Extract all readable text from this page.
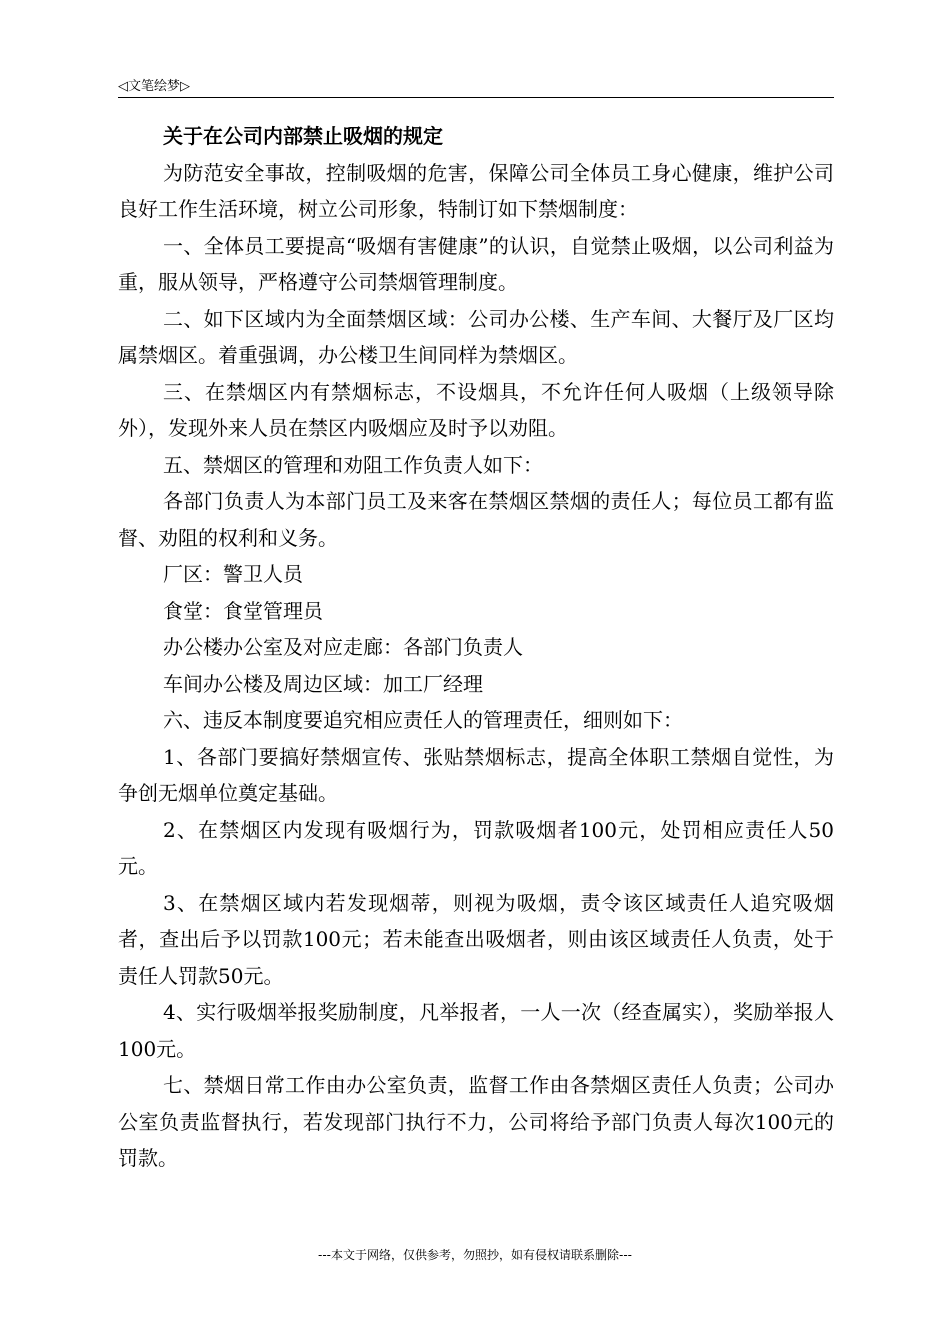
◁文笔绘梦▷
关于在公司内部禁止吸烟的规定

为防范安全事故，控制吸烟的危害，保障公司全体员工身心健康，维护公司良好工作生活环境，树立公司形象，特制订如下禁烟制度：

一、全体员工要提高“吸烟有害健康”的认识，自觉禁止吸烟，以公司利益为重，服从领导，严格遵守公司禁烟管理制度。

二、如下区域内为全面禁烟区域：公司办公楼、生产车间、大餐厅及厂区均属禁烟区。着重强调，办公楼卫生间同样为禁烟区。

三、在禁烟区内有禁烟标志，不设烟具，不允许任何人吸烟（上级领导除外），发现外来人员在禁区内吸烟应及时予以劝阻。

五、禁烟区的管理和劝阻工作负责人如下：

各部门负责人为本部门员工及来客在禁烟区禁烟的责任人；每位员工都有监督、劝阻的权利和义务。

厂区：警卫人员

食堂：食堂管理员

办公楼办公室及对应走廊：各部门负责人

车间办公楼及周边区域：加工厂经理

六、违反本制度要追究相应责任人的管理责任，细则如下：

1、各部门要搞好禁烟宣传、张贴禁烟标志，提高全体职工禁烟自觉性，为争创无烟单位奠定基础。

2、在禁烟区内发现有吸烟行为，罚款吸烟者100元，处罚相应责任人50元。

3、在禁烟区域内若发现烟蒂，则视为吸烟，责令该区域责任人追究吸烟者，查出后予以罚款100元；若未能查出吸烟者，则由该区域责任人负责，处于责任人罚款50元。

4、实行吸烟举报奖励制度，凡举报者，一人一次（经查属实），奖励举报人100元。

七、禁烟日常工作由办公室负责，监督工作由各禁烟区责任人负责；公司办公室负责监督执行，若发现部门执行不力，公司将给予部门负责人每次100元的罚款。

---本文于网络，仅供参考，勿照抄，如有侵权请联系删除---
